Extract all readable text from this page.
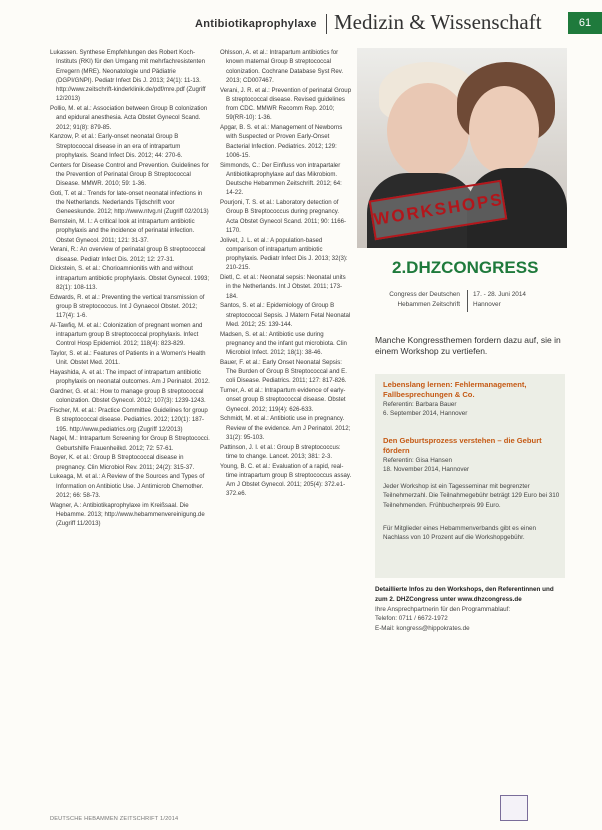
Antibiotikaprophylaxe Medizin & Wissenschaft	61

Lukassen. Synthese Empfehlungen des Robert Koch-Instituts (RKI) für den Umgang mit mehrfachresistenten Erregern (MRE). Neonatologie und Pädiatrie (DGPI/GNPI). Pediatr Infect Dis J. 2013; 24(1): 11-13. http://www.zeitschrift-kinderklinik.de/pdf/mre.pdf (Zugriff 12/2013)

Pollio, M. et al.: Association between Group B colonization and epidural anesthesia. Acta Obstet Gynecol Scand. 2012; 91(8): 879-85.

Kanzow, P. et al.: Early-onset neonatal Group B Streptococcal disease in an era of intrapartum prophylaxis. Scand Infect Dis. 2012; 44: 270-6.

Centers for Disease Control and Prevention. Guidelines for the Prevention of Perinatal Group B Streptococcal Disease. MMWR. 2010; 59: 1-36.

Goti, T. et al.: Trends for late-onset neonatal infections in the Netherlands. Nederlands Tijdschrift voor Geneeskunde. 2012; http://www.ntvg.nl (Zugriff 02/2013)

Bernstein, M. I.: A critical look at intrapartum antibiotic prophylaxis and the incidence of perinatal infection. Obstet Gynecol. 2011; 121: 31-37.

Verani, R.: An overview of perinatal group B streptococcal disease. Pediatr Infect Dis. 2012; 12: 27-31.

Dickstein, S. et al.: Chorioamnionitis with and without intrapartum antibiotic prophylaxis. Obstet Gynecol. 1993; 82(1): 108-113.

Edwards, R. et al.: Preventing the vertical transmission of group B streptococcus. Int J Gynaecol Obstet. 2012; 117(4): 1-6.

Al-Tawfiq, M. et al.: Colonization of pregnant women and intrapartum group B streptococcal prophylaxis. Infect Control Hosp Epidemiol. 2012; 118(4): 823-829.

Taylor, S. et al.: Features of Patients in a Women's Health Unit. Obstet Med. 2011.

Hayashida, A. et al.: The impact of intrapartum antibiotic prophylaxis on neonatal outcomes. Am J Perinatol. 2012.

Gardner, G. et al.: How to manage group B streptococcal colonization. Obstet Gynecol. 2012; 107(3): 1239-1243.

Fischer, M. et al.: Practice Committee Guidelines for group B streptococcal disease. Pediatrics. 2012; 120(1): 187-195. http://www.pediatrics.org (Zugriff 12/2013)

Nagel, M.: Intrapartum Screening for Group B Streptococci. Geburtshilfe Frauenheilkd. 2012; 72: 57-61.

Boyer, K. et al.: Group B Streptococcal disease in pregnancy. Clin Microbiol Rev. 2011; 24(2): 315-37.

Lukeaga, M. et al.: A Review of the Sources and Types of Information on Antibiotic Use. J Antimicrob Chemother. 2012; 66: 58-73.

Wagner, A.: Antibiotikaprophylaxe im Kreißsaal. Die Hebamme. 2013; http://www.hebammenvereinigung.de (Zugriff 11/2013)

Ohlsson, A. et al.: Intrapartum antibiotics for known maternal Group B streptococcal colonization. Cochrane Database Syst Rev. 2013; CD007467.

Verani, J. R. et al.: Prevention of perinatal Group B streptococcal disease. Revised guidelines from CDC. MMWR Recomm Rep. 2010; 59(RR-10): 1-36.

Apgar, B. S. et al.: Management of Newborns with Suspected or Proven Early-Onset Bacterial Infection. Pediatrics. 2012; 129: 1006-15.

Simmonds, C.: Der Einfluss von intrapartaler Antibiotikaprophylaxe auf das Mikrobiom. Deutsche Hebammen Zeitschrift. 2012; 64: 14-22.

Pourjoni, T. S. et al.: Laboratory detection of Group B Streptococcus during pregnancy. Acta Obstet Gynecol Scand. 2011; 90: 1166-1170.

Jolivet, J. L. et al.: A population-based comparison of intrapartum antibiotic prophylaxis. Pediatr Infect Dis J. 2013; 32(3): 210-215.

Dietl, C. et al.: Neonatal sepsis: Neonatal units in the Netherlands. Int J Obstet. 2011; 173-184.

Santos, S. et al.: Epidemiology of Group B streptococcal Sepsis. J Matern Fetal Neonatal Med. 2012; 25: 139-144.

Madsen, S. et al.: Antibiotic use during pregnancy and the infant gut microbiota. Clin Microbiol Infect. 2012; 18(1): 38-46.

Bauer, F. et al.: Early Onset Neonatal Sepsis: The Burden of Group B Streptococcal and E. coli Disease. Pediatrics. 2011; 127: 817-826.

Turner, A. et al.: Intrapartum evidence of early-onset group B streptococcal disease. Obstet Gynecol. 2012; 119(4): 626-633.

Schmidt, M. et al.: Antibiotic use in pregnancy. Review of the evidence. Am J Perinatol. 2012; 31(2): 95-103.

Pattinson, J. I. et al.: Group B streptococcus: time to change. Lancet. 2013; 381: 2-3.

Young, B. C. et al.: Evaluation of a rapid, real-time intrapartum group B streptococcus assay. Am J Obstet Gynecol. 2011; 205(4): 372.e1-372.e6.

WORKSHOPS
2.DHZCONGRESS
Congress der Deutschen
Hebammen Zeitschrift
17. - 28. Juni 2014
Hannover
Manche Kongressthemen fordern dazu auf, sie in einem Workshop zu vertiefen.
Lebenslang lernen: Fehlermanagement, Fallbesprechungen & Co.
Referentin: Barbara Bauer
6. September 2014, Hannover
Den Geburtsprozess verstehen – die Geburt fördern
Referentin: Gisa Hansen
18. November 2014, Hannover
Jeder Workshop ist ein Tagesseminar mit begrenzter Teilnehmerzahl. Die Teilnahmegebühr beträgt 129 Euro bei 310 Teilnehmenden. Frühbucherpreis 99 Euro.
Für Mitglieder eines Hebammenverbands gibt es einen Nachlass von 10 Prozent auf die Workshopgebühr.
Detaillierte Infos zu den Workshops, den Referentinnen und zum 2. DHZCongress unter www.dhzcongress.de
Ihre Ansprechpartnerin für den Programmablauf:
Telefon: 0711 / 6672-1972
E-Mail: kongress@hippokrates.de
DEUTSCHE HEBAMMEN ZEITSCHRIFT 1/2014
